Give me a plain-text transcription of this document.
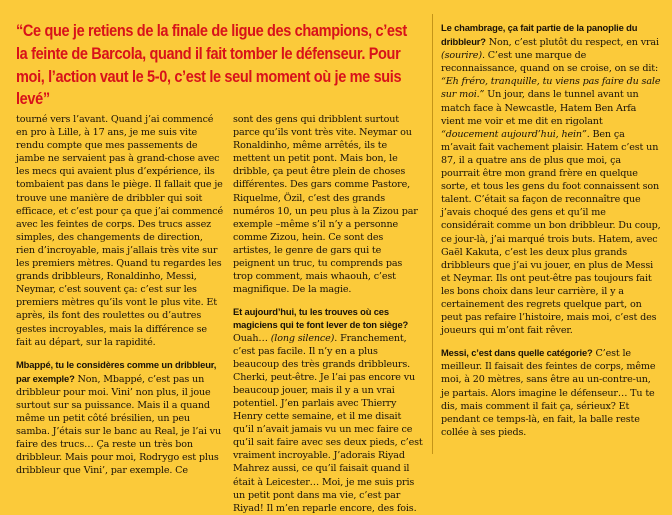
“Ce que je retiens de la finale de ligue des champions, c’est la feinte de Barcola, quand il fait tomber le défenseur. Pour moi, l’action vaut le 5-0, c’est le seul moment où je me suis levé”

tourné vers l’avant. Quand j’ai commencé en pro à Lille, à 17 ans, je me suis vite rendu compte que mes passements de jambe ne servaient pas à grand-chose avec les mecs qui avaient plus d’expérience, ils tombaient pas dans le piège. Il fallait que je trouve une manière de dribbler qui soit efficace, et c’est pour ça que j’ai commencé avec les feintes de corps. Des trucs assez simples, des changements de direction, rien d’incroyable, mais j’allais très vite sur les premiers mètres. Quand tu regardes les grands dribbleurs, Ronaldinho, Messi, Neymar, c’est souvent ça: c’est sur les premiers mètres qu’ils vont le plus vite. Et après, ils font des roulettes ou d’autres gestes incroyables, mais la différence se fait au départ, sur la rapidité.

Mbappé, tu le considères comme un dribbleur, par exemple? Non, Mbappé, c’est pas un dribbleur pour moi. Vini’ non plus, il joue surtout sur sa puissance. Mais il a quand même un petit côté brésilien, un peu samba. J’étais sur le banc au Real, je l’ai vu faire des trucs… Ça reste un très bon dribbleur. Mais pour moi, Rodrygo est plus dribbleur que Vini’, par exemple. Ce

sont des gens qui dribblent surtout parce qu’ils vont très vite. Neymar ou Ronaldinho, même arrêtés, ils te mettent un petit pont. Mais bon, le dribble, ça peut être plein de choses différentes. Des gars comme Pastore, Riquelme, Özil, c’est des grands numéros 10, un peu plus à la Zizou par exemple –même s’il n’y a personne comme Zizou, hein. Ce sont des artistes, le genre de gars qui te peignent un truc, tu comprends pas trop comment, mais whaouh, c’est magnifique. De la magie.

Et aujourd’hui, tu les trouves où ces magiciens qui te font lever de ton siège?

Ouah… (long silence). Franchement, c’est pas facile. Il n’y en a plus beaucoup des très grands dribbleurs. Cherki, peut-être. Je l’ai pas encore vu beaucoup jouer, mais il y a un vrai potentiel. J’en parlais avec Thierry Henry cette semaine, et il me disait qu’il n’avait jamais vu un mec faire ce qu’il sait faire avec ses deux pieds, c’est vraiment incroyable. J’adorais Riyad Mahrez aussi, ce qu’il faisait quand il était à Leicester… Moi, je me suis pris un petit pont dans ma vie, c’est par Riyad! Il m’en reparle encore, des fois.

Le chambrage, ça fait partie de la panoplie du dribbleur? Non, c’est plutôt du respect, en vrai (sourire). C’est une marque de reconnaissance, quand on se croise, on se dit: “Eh fréro, tranquille, tu viens pas faire du sale sur moi.” Un jour, dans le tunnel avant un match face à Newcastle, Hatem Ben Arfa vient me voir et me dit en rigolant “doucement aujourd’hui, hein”. Ben ça m’avait fait vachement plaisir. Hatem c’est un 87, il a quatre ans de plus que moi, ça pourrait être mon grand frère en quelque sorte, et tous les gens du foot connaissent son talent. C’était sa façon de reconnaître que j’avais choqué des gens et qu’il me considérait comme un bon dribbleur. Du coup, ce jour-là, j’ai marqué trois buts. Hatem, avec Gaël Kakuta, c’est les deux plus grands dribbleurs que j’ai vu jouer, en plus de Messi et Neymar. Ils ont peut-être pas toujours fait les bons choix dans leur carrière, il y a certainement des regrets quelque part, on peut pas refaire l’histoire, mais moi, c’est des joueurs qui m’ont fait rêver.

Messi, c’est dans quelle catégorie? C’est le meilleur. Il faisait des feintes de corps, même moi, à 20 mètres, sans être au un-contre-un, je partais. Alors imagine le défenseur… Tu te dis, mais comment il fait ça, sérieux? Et pendant ce temps-là, en fait, la balle reste collée à ses pieds.
